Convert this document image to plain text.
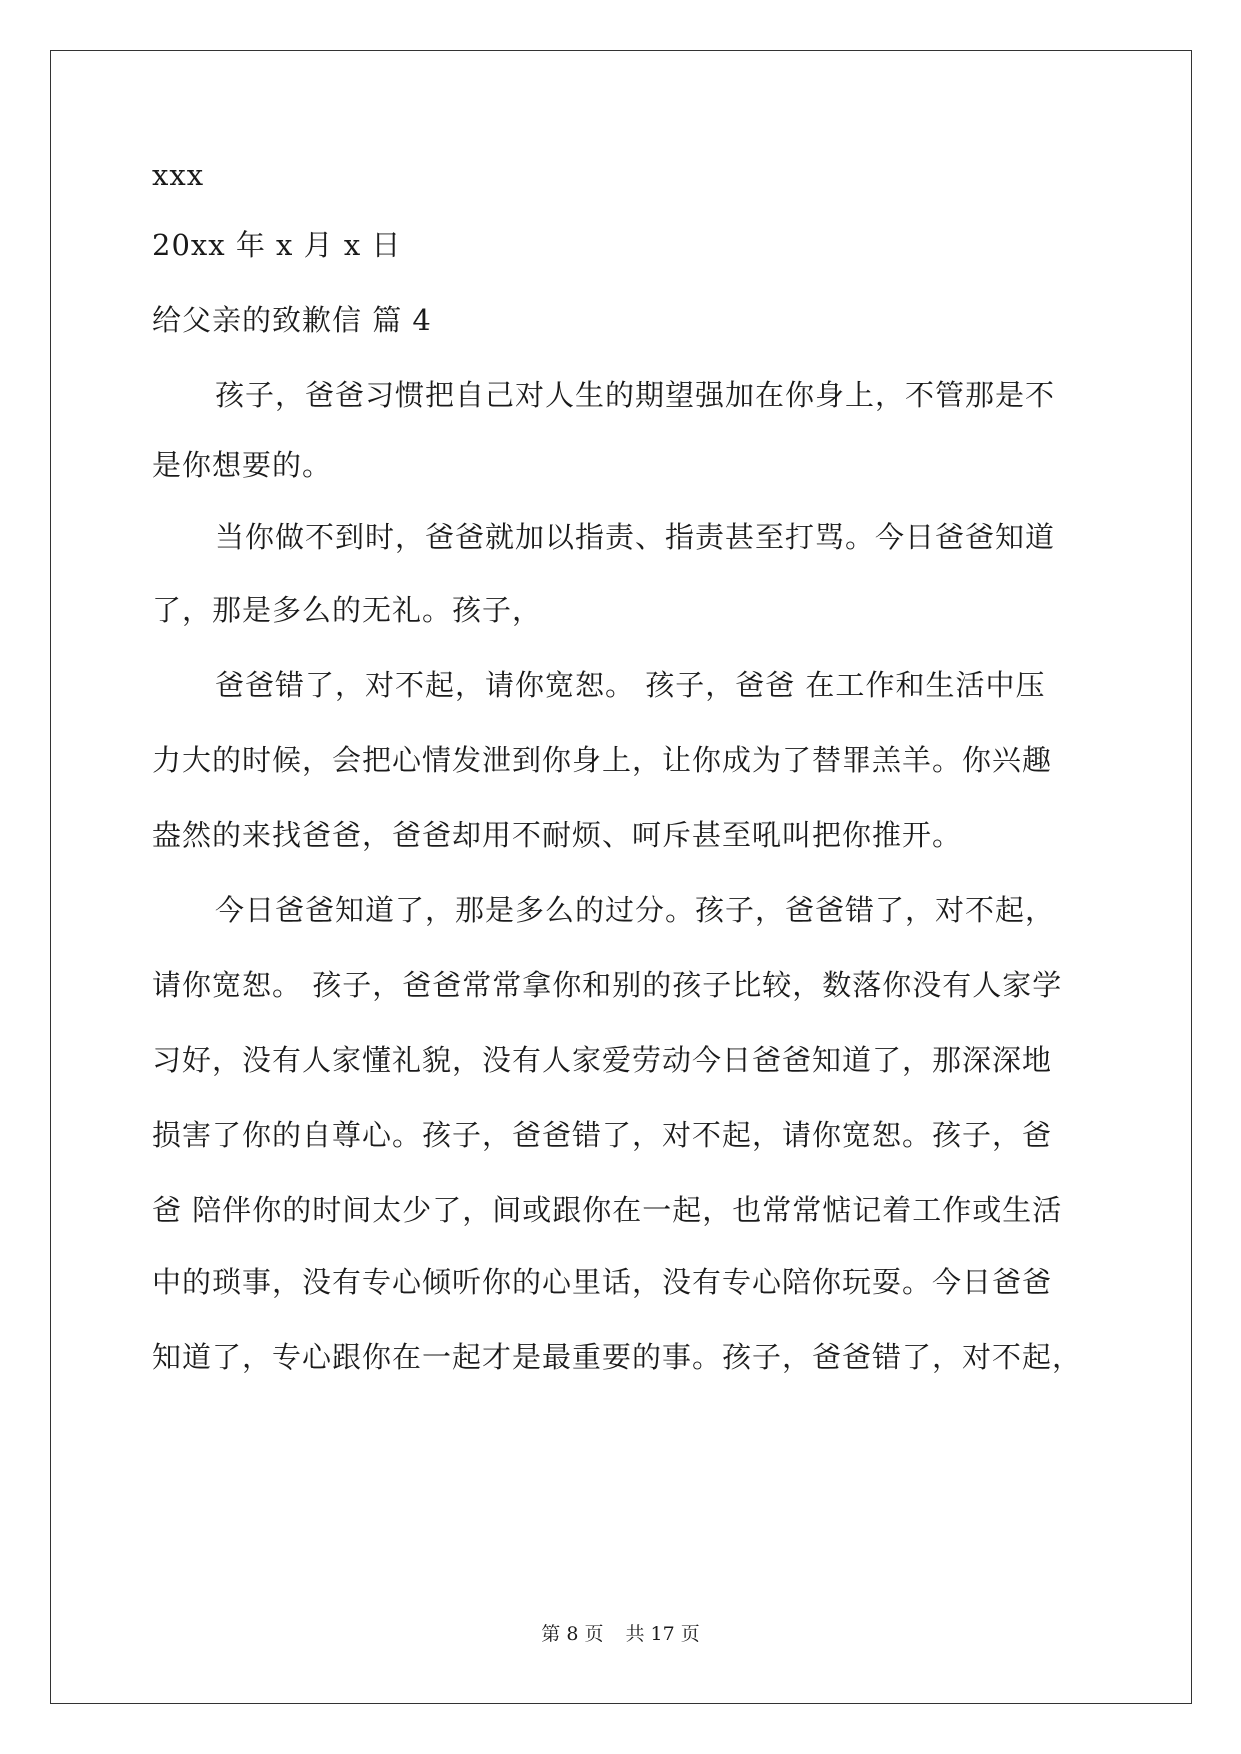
xxx
20xx 年 x 月 x 日
给父亲的致歉信 篇 4
孩子，爸爸习惯把自己对人生的期望强加在你身上，不管那是不
是你想要的。
当你做不到时，爸爸就加以指责、指责甚至打骂。今日爸爸知道
了，那是多么的无礼。孩子，
爸爸错了，对不起，请你宽恕。 孩子，爸爸 在工作和生活中压
力大的时候，会把心情发泄到你身上，让你成为了替罪羔羊。你兴趣
盎然的来找爸爸，爸爸却用不耐烦、呵斥甚至吼叫把你推开。
今日爸爸知道了，那是多么的过分。孩子，爸爸错了，对不起，
请你宽恕。 孩子，爸爸常常拿你和别的孩子比较，数落你没有人家学
习好，没有人家懂礼貌，没有人家爱劳动今日爸爸知道了，那深深地
损害了你的自尊心。孩子，爸爸错了，对不起，请你宽恕。孩子，爸
爸 陪伴你的时间太少了，间或跟你在一起，也常常惦记着工作或生活
中的琐事，没有专心倾听你的心里话，没有专心陪你玩耍。今日爸爸
知道了，专心跟你在一起才是最重要的事。孩子，爸爸错了，对不起，
第 8 页 共 17 页
